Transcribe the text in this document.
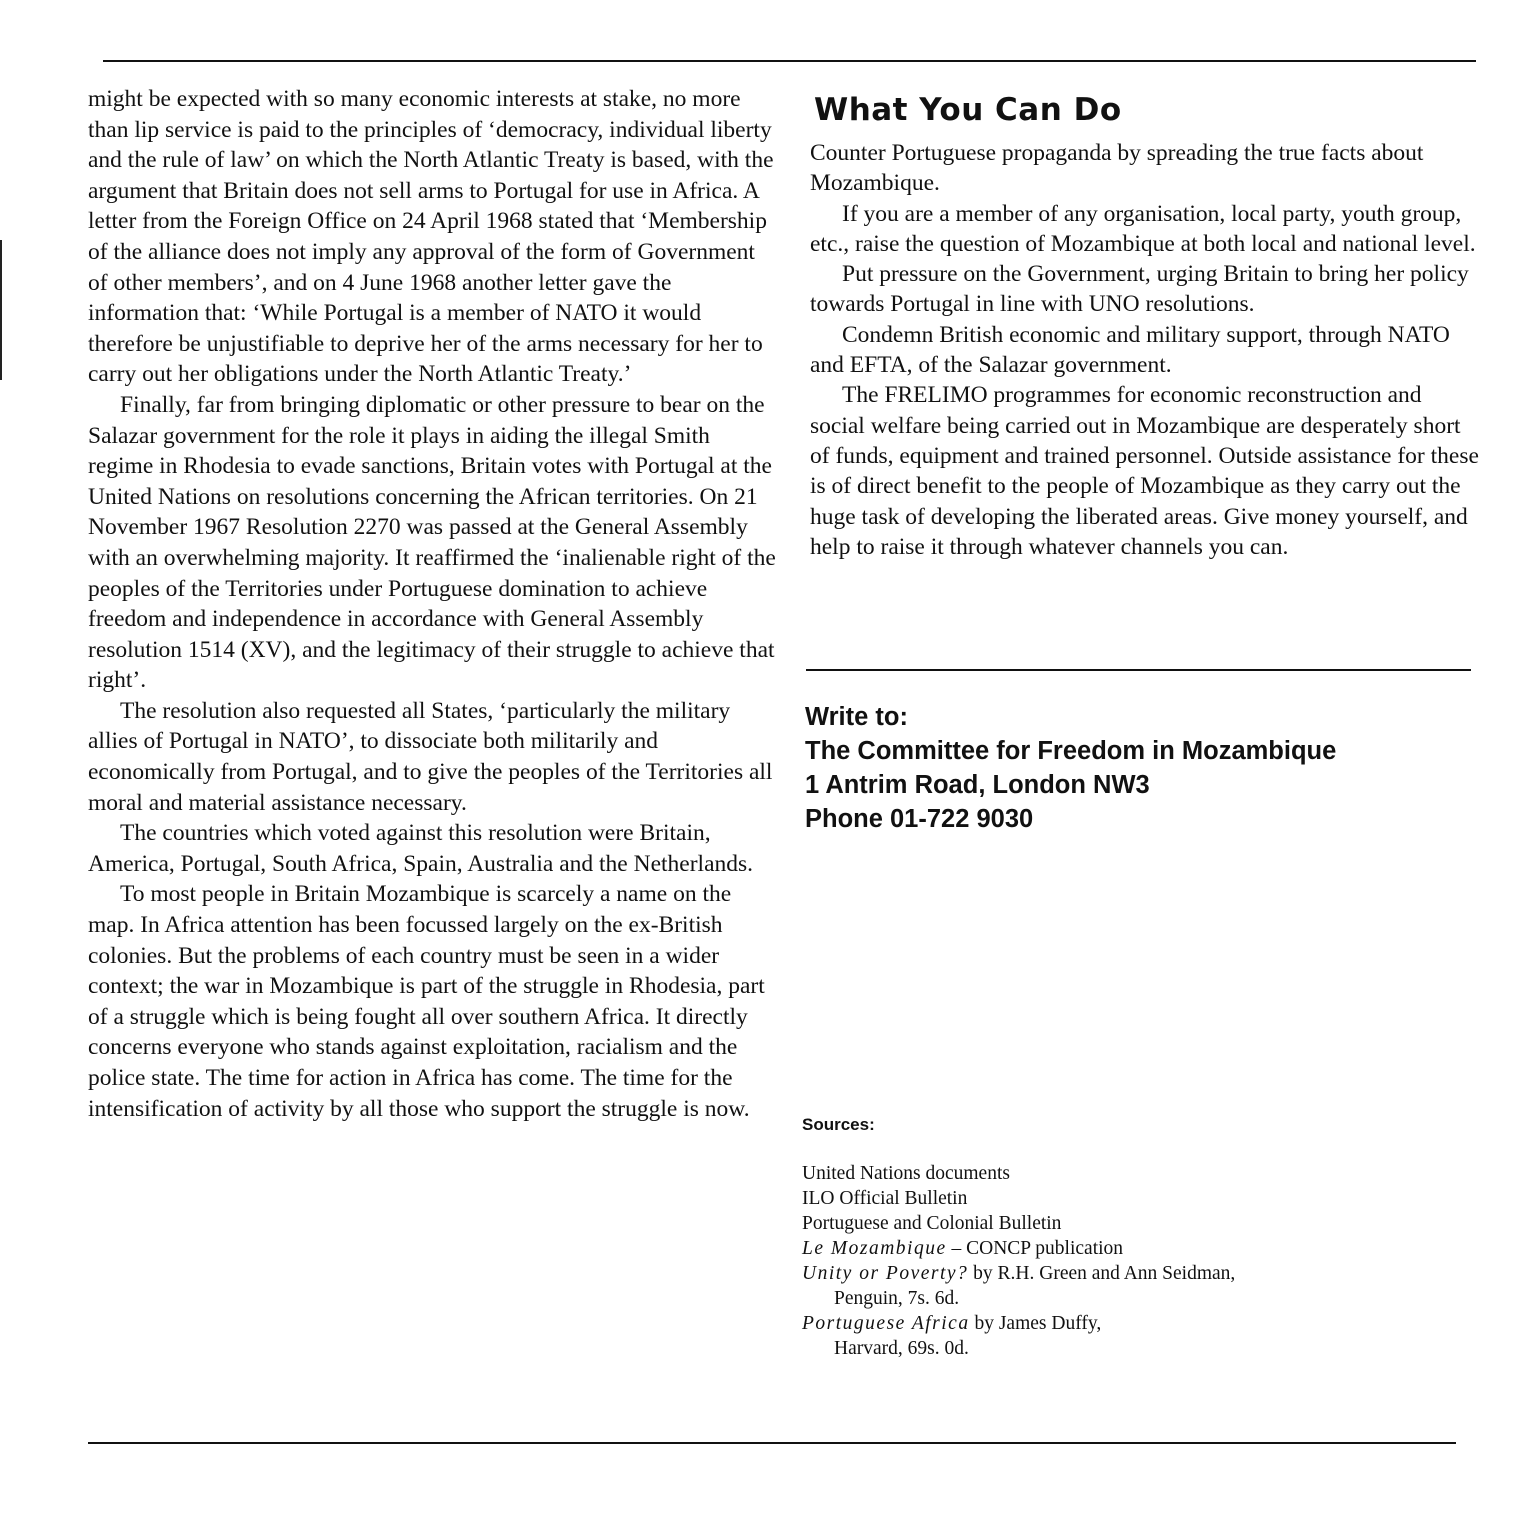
might be expected with so many economic interests at stake, no more than lip service is paid to the principles of ‘democracy, individual liberty and the rule of law’ on which the North Atlantic Treaty is based, with the argument that Britain does not sell arms to Portugal for use in Africa. A letter from the Foreign Office on 24 April 1968 stated that ‘Membership of the alliance does not imply any approval of the form of Government of other members’, and on 4 June 1968 another letter gave the information that: ‘While Portugal is a member of NATO it would therefore be unjustifiable to deprive her of the arms necessary for her to carry out her obligations under the North Atlantic Treaty.’

Finally, far from bringing diplomatic or other pressure to bear on the Salazar government for the role it plays in aiding the illegal Smith regime in Rhodesia to evade sanctions, Britain votes with Portugal at the United Nations on resolutions concerning the African territories. On 21 November 1967 Resolution 2270 was passed at the General Assembly with an overwhelming majority. It reaffirmed the ‘inalienable right of the peoples of the Territories under Portuguese domination to achieve freedom and independence in accordance with General Assembly resolution 1514 (XV), and the legitimacy of their struggle to achieve that right’.

The resolution also requested all States, ‘particularly the military allies of Portugal in NATO’, to dissociate both militarily and economically from Portugal, and to give the peoples of the Territories all moral and material assistance necessary.

The countries which voted against this resolution were Britain, America, Portugal, South Africa, Spain, Australia and the Netherlands.

To most people in Britain Mozambique is scarcely a name on the map. In Africa attention has been focussed largely on the ex-British colonies. But the problems of each country must be seen in a wider context; the war in Mozambique is part of the struggle in Rhodesia, part of a struggle which is being fought all over southern Africa. It directly concerns everyone who stands against exploitation, racialism and the police state. The time for action in Africa has come. The time for the intensification of activity by all those who support the struggle is now.

What You Can Do

Counter Portuguese propaganda by spreading the true facts about Mozambique.

If you are a member of any organisation, local party, youth group, etc., raise the question of Mozambique at both local and national level.

Put pressure on the Government, urging Britain to bring her policy towards Portugal in line with UNO resolutions.

Condemn British economic and military support, through NATO and EFTA, of the Salazar government.

The FRELIMO programmes for economic reconstruction and social welfare being carried out in Mozambique are desperately short of funds, equipment and trained personnel. Outside assistance for these is of direct benefit to the people of Mozambique as they carry out the huge task of developing the liberated areas. Give money yourself, and help to raise it through whatever channels you can.

Write to:
The Committee for Freedom in Mozambique
1 Antrim Road, London NW3
Phone 01-722 9030
Sources:
United Nations documents
ILO Official Bulletin
Portuguese and Colonial Bulletin
Le Mozambique – CONCP publication
Unity or Poverty? by R.H. Green and Ann Seidman,
Penguin, 7s. 6d.
Portuguese Africa by James Duffy,
Harvard, 69s. 0d.
